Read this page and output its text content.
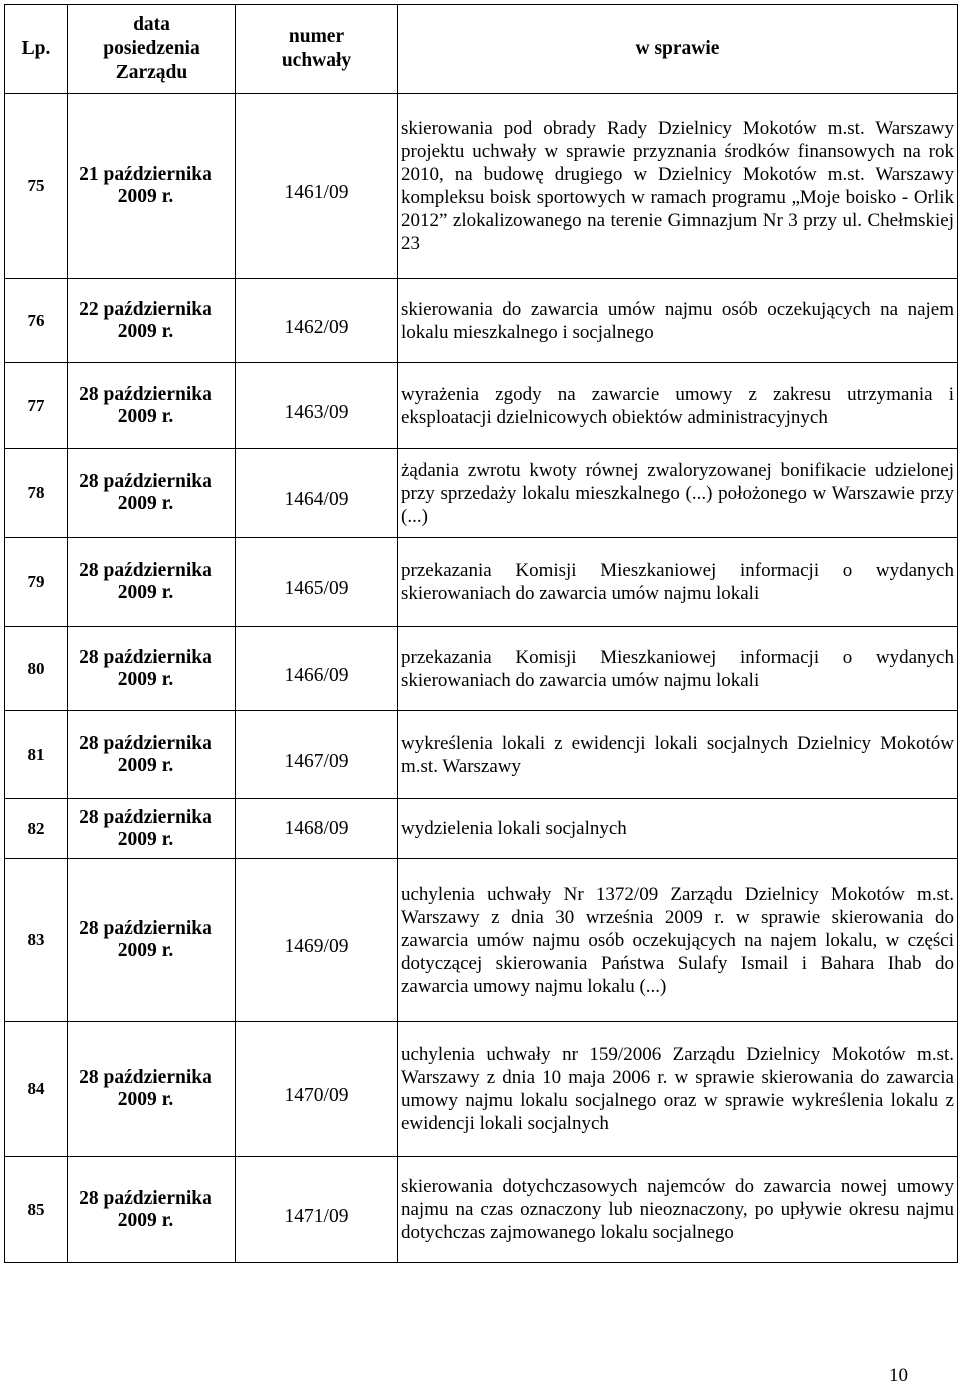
Lp.	data posiedzenia Zarządu	numer uchwały	w sprawie
75	21 października 2009 r.	1461/09	skierowania pod obrady Rady Dzielnicy Mokotów m.st. Warszawy projektu uchwały w sprawie przyznania środków finansowych na rok 2010, na budowę drugiego w Dzielnicy Mokotów m.st. Warszawy kompleksu boisk sportowych w ramach programu „Moje boisko - Orlik 2012” zlokalizowanego na terenie Gimnazjum Nr 3 przy ul. Chełmskiej 23
76	22 października 2009 r.	1462/09	skierowania do zawarcia umów najmu osób oczekujących na najem lokalu mieszkalnego i socjalnego
77	28 października 2009 r.	1463/09	wyrażenia zgody na zawarcie umowy z zakresu utrzymania i eksploatacji dzielnicowych obiektów administracyjnych
78	28 października 2009 r.	1464/09	żądania zwrotu kwoty równej zwaloryzowanej bonifikacie udzielonej przy sprzedaży lokalu mieszkalnego (...) położonego w Warszawie przy (...)
79	28 października 2009 r.	1465/09	przekazania Komisji Mieszkaniowej informacji o wydanych skierowaniach do zawarcia umów najmu lokali
80	28 października 2009 r.	1466/09	przekazania Komisji Mieszkaniowej informacji o wydanych skierowaniach do zawarcia umów najmu lokali
81	28 października 2009 r.	1467/09	wykreślenia lokali z ewidencji lokali socjalnych Dzielnicy Mokotów m.st. Warszawy
82	28 października 2009 r.	1468/09	wydzielenia lokali socjalnych
83	28 października 2009 r.	1469/09	uchylenia uchwały Nr 1372/09 Zarządu Dzielnicy Mokotów m.st. Warszawy z dnia 30 września 2009 r. w sprawie skierowania do zawarcia umów najmu osób oczekujących na najem lokalu, w części dotyczącej skierowania Państwa Sulafy Ismail i Bahara Ihab do zawarcia umowy najmu lokalu (...)
84	28 października 2009 r.	1470/09	uchylenia uchwały nr 159/2006 Zarządu Dzielnicy Mokotów m.st. Warszawy z dnia 10 maja 2006 r. w sprawie skierowania do zawarcia umowy najmu lokalu socjalnego oraz w sprawie wykreślenia lokalu z ewidencji lokali socjalnych
85	28 października 2009 r.	1471/09	skierowania dotychczasowych najemców do zawarcia nowej umowy najmu na czas oznaczony lub nieoznaczony, po upływie okresu najmu dotychczas zajmowanego lokalu socjalnego
10
